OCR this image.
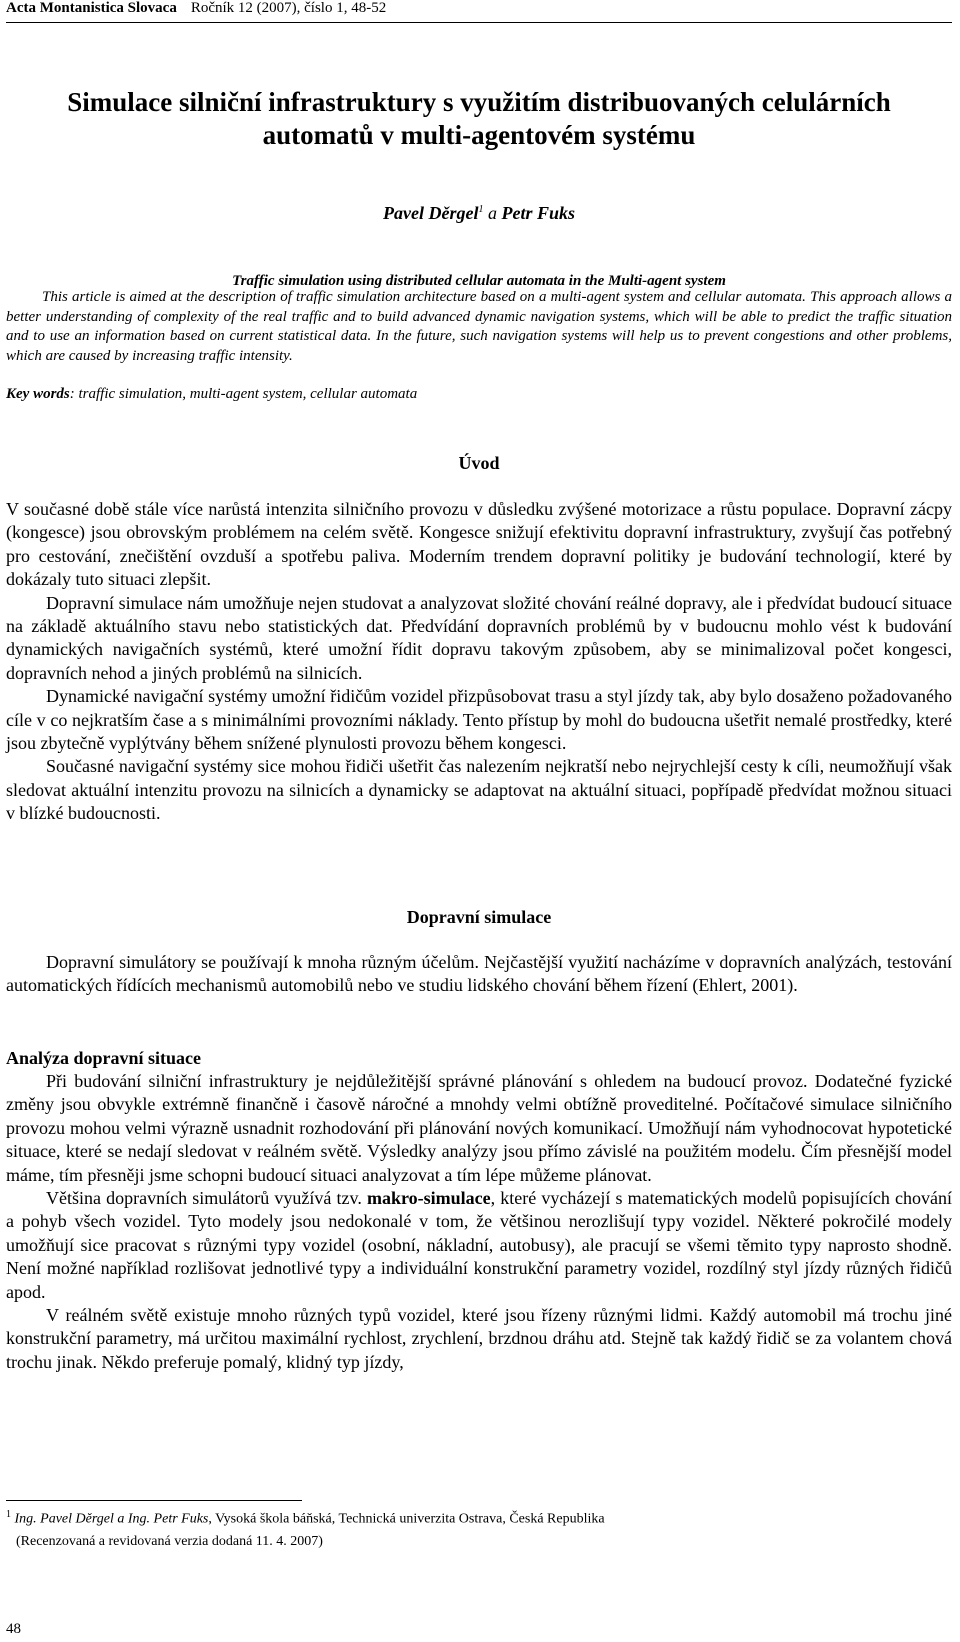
Acta Montanistica Slovaca Ročník 12 (2007), číslo 1, 48-52
Simulace silniční infrastruktury s využitím distribuovaných celulárních
automatů v multi-agentovém systému
Pavel Děrgel$^1$ a Petr Fuks
Traffic simulation using distributed cellular automata in the Multi-agent system
This article is aimed at the description of traffic simulation architecture based on a multi-agent system and cellular automata. This approach allows a better understanding of complexity of the real traffic and to build advanced dynamic navigation systems, which will be able to predict the traffic situation and to use an information based on current statistical data. In the future, such navigation systems will help us to prevent congestions and other problems, which are caused by increasing traffic intensity.
Key words: traffic simulation, multi-agent system, cellular automata
Úvod

V současné době stále více narůstá intenzita silničního provozu v důsledku zvýšené motorizace a růstu populace. Dopravní zácpy (kongesce) jsou obrovským problémem na celém světě. Kongesce snižují efektivitu dopravní infrastruktury, zvyšují čas potřebný pro cestování, znečištění ovzduší a spotřebu paliva. Moderním trendem dopravní politiky je budování technologií, které by dokázaly tuto situaci zlepšit.

Dopravní simulace nám umožňuje nejen studovat a analyzovat složité chování reálné dopravy, ale i předvídat budoucí situace na základě aktuálního stavu nebo statistických dat. Předvídání dopravních problémů by v budoucnu mohlo vést k budování dynamických navigačních systémů, které umožní řídit dopravu takovým způsobem, aby se minimalizoval počet kongesci, dopravních nehod a jiných problémů na silnicích.

Dynamické navigační systémy umožní řidičům vozidel přizpůsobovat trasu a styl jízdy tak, aby bylo dosaženo požadovaného cíle v co nejkratším čase a s minimálními provozními náklady. Tento přístup by mohl do budoucna ušetřit nemalé prostředky, které jsou zbytečně vyplýtvány během snížené plynulosti provozu během kongesci.

Současné navigační systémy sice mohou řidiči ušetřit čas nalezením nejkratší nebo nejrychlejší cesty k cíli, neumožňují však sledovat aktuální intenzitu provozu na silnicích a dynamicky se adaptovat na aktuální situaci, popřípadě předvídat možnou situaci v blízké budoucnosti.

Dopravní simulace

Dopravní simulátory se používají k mnoha různým účelům. Nejčastější využití nacházíme v dopravních analýzách, testování automatických řídících mechanismů automobilů nebo ve studiu lidského chování během řízení (Ehlert, 2001).

Analýza dopravní situace

Při budování silniční infrastruktury je nejdůležitější správné plánování s ohledem na budoucí provoz. Dodatečné fyzické změny jsou obvykle extrémně finančně i časově náročné a mnohdy velmi obtížně proveditelné. Počítačové simulace silničního provozu mohou velmi výrazně usnadnit rozhodování při plánování nových komunikací. Umožňují nám vyhodnocovat hypotetické situace, které se nedají sledovat v reálném světě. Výsledky analýzy jsou přímo závislé na použitém modelu. Čím přesnější model máme, tím přesněji jsme schopni budoucí situaci analyzovat a tím lépe můžeme plánovat.

Většina dopravních simulátorů využívá tzv. makro-simulace, které vycházejí s matematických modelů popisujících chování a pohyb všech vozidel. Tyto modely jsou nedokonalé v tom, že většinou nerozlišují typy vozidel. Některé pokročilé modely umožňují sice pracovat s různými typy vozidel (osobní, nákladní, autobusy), ale pracují se všemi těmito typy naprosto shodně. Není možné například rozlišovat jednotlivé typy a individuální konstrukční parametry vozidel, rozdílný styl jízdy různých řidičů apod.

V reálném světě existuje mnoho různých typů vozidel, které jsou řízeny různými lidmi. Každý automobil má trochu jiné konstrukční parametry, má určitou maximální rychlost, zrychlení, brzdnou dráhu atd. Stejně tak každý řidič se za volantem chová trochu jinak. Někdo preferuje pomalý, klidný typ jízdy,

$^1$ Ing. Pavel Děrgel a Ing. Petr Fuks, Vysoká škola báňská, Technická univerzita Ostrava, Česká Republika
(Recenzovaná a revidovaná verzia dodaná 11. 4. 2007)
48
